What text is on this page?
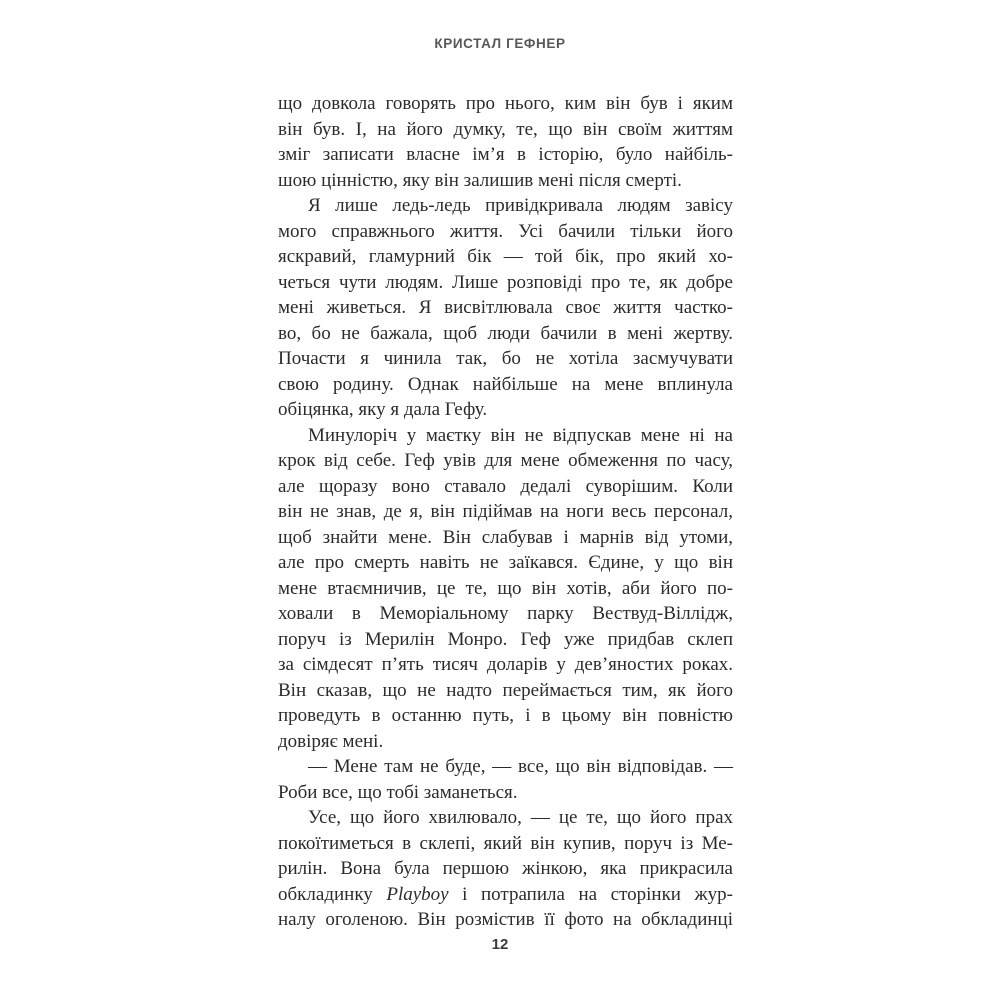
КРИСТАЛ ГЕФНЕР
що довкола говорять про нього, ким він був і яким
він був. І, на його думку, те, що він своїм життям
зміг записати власне ім’я в історію, було найбіль-
шою цінністю, яку він залишив мені після смерті.
Я лише ледь-ледь привідкривала людям завісу
мого справжнього життя. Усі бачили тільки його
яскравий, гламурний бік — той бік, про який хо-
четься чути людям. Лише розповіді про те, як добре
мені живеться. Я висвітлювала своє життя частко-
во, бо не бажала, щоб люди бачили в мені жертву.
Почасти я чинила так, бо не хотіла засмучувати
свою родину. Однак найбільше на мене вплинула
обіцянка, яку я дала Гефу.
Минулоріч у маєтку він не відпускав мене ні на
крок від себе. Геф увів для мене обмеження по часу,
але щоразу воно ставало дедалі суворішим. Коли
він не знав, де я, він підіймав на ноги весь персонал,
щоб знайти мене. Він слабував і марнів від утоми,
але про смерть навіть не заїкався. Єдине, у що він
мене втаємничив, це те, що він хотів, аби його по-
ховали в Меморіальному парку Вествуд-Віллідж,
поруч із Мерилін Монро. Геф уже придбав склеп
за сімдесят п’ять тисяч доларів у дев’яностих роках.
Він сказав, що не надто переймається тим, як його
проведуть в останню путь, і в цьому він повністю
довіряє мені.
— Мене там не буде, — все, що він відповідав. —
Роби все, що тобі заманеться.
Усе, що його хвилювало, — це те, що його прах
покоїтиметься в склепі, який він купив, поруч із Ме-
рилін. Вона була першою жінкою, яка прикрасила
обкладинку Playboy і потрапила на сторінки жур-
налу оголеною. Він розмістив її фото на обкладинці
12
